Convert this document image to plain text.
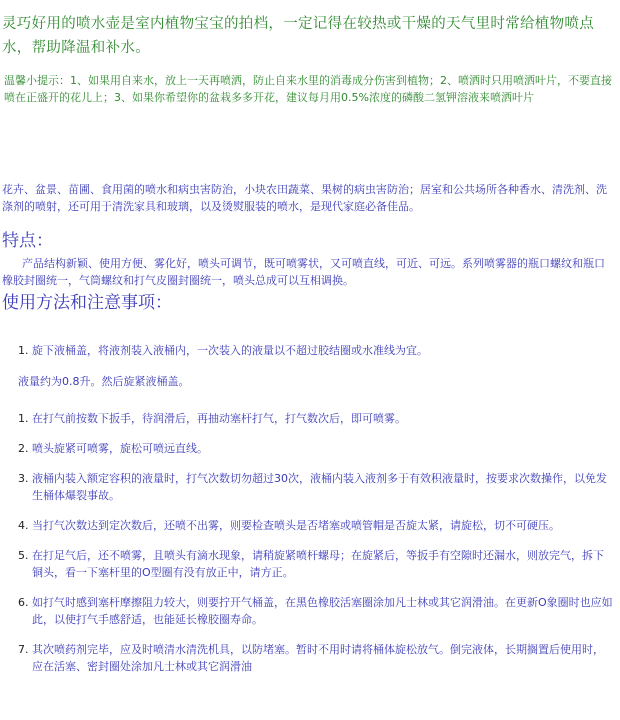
灵巧好用的喷水壶是室内植物宝宝的拍档，一定记得在较热或干燥的天气里时常给植物喷点水，帮助降温和补水。
温馨小提示：1、如果用自来水，放上一天再喷洒，防止自来水里的消毒成分伤害到植物；2、喷洒时只用喷洒叶片，不要直接喷在正盛开的花儿上；3、如果你希望你的盆栽多多开花，建议每月用0.5%浓度的磷酸二氢钾溶液来喷洒叶片
花卉、盆景、苗圃、食用菌的喷水和病虫害防治，小块农田蔬菜、果树的病虫害防治；居室和公共场所各种香水、清洗剂、洗涤剂的喷射，还可用于清洗家具和玻璃，以及烫熨服装的喷水，是现代家庭必备佳品。
特点：
产品结构新颖、使用方便、雾化好，喷头可调节，既可喷雾状，又可喷直线，可近、可远。系列喷雾器的瓶口螺纹和瓶口橡胶封圈统一，气筒螺纹和打气皮圈封圈统一，喷头总成可以互相调换。
使用方法和注意事项：
1. 旋下液桶盖，将液剂装入液桶内，一次装入的液量以不超过胶结圈或水准线为宜。
液量约为0.8升。然后旋紧液桶盖。
1. 在打气前按数下扳手，待润滑后，再抽动塞杆打气，打气数次后，即可喷雾。
2. 喷头旋紧可喷雾，旋松可喷远直线。
3. 液桶内装入额定容积的液量时，打气次数切勿超过30次，液桶内装入液剂多于有效积液量时，按要求次数操作，以免发生桶体爆裂事故。
4. 当打气次数达到定次数后，还喷不出雾，则要检查喷头是否堵塞或喷管帽是否旋太紧，请旋松，切不可硬压。
5. 在打足气后，还不喷雾，且喷头有滴水现象，请稍旋紧喷杆螺母；在旋紧后，等扳手有空隙时还漏水，则放完气，拆下铜头，看一下塞杆里的O型圈有没有放正中，请方正。
6. 如打气时感到塞杆摩擦阻力较大，则要拧开气桶盖，在黑色橡胶活塞圈涂加凡士林或其它润滑油。在更新O象圈时也应如此，以使打气手感舒适，也能延长橡胶圈寿命。
7. 其次喷药剂完毕，应及时喷清水清洗机具，以防堵塞。暂时不用时请将桶体旋松放气。倒完液体，长期搁置后使用时，应在活塞、密封圈处涂加凡士林或其它润滑油
